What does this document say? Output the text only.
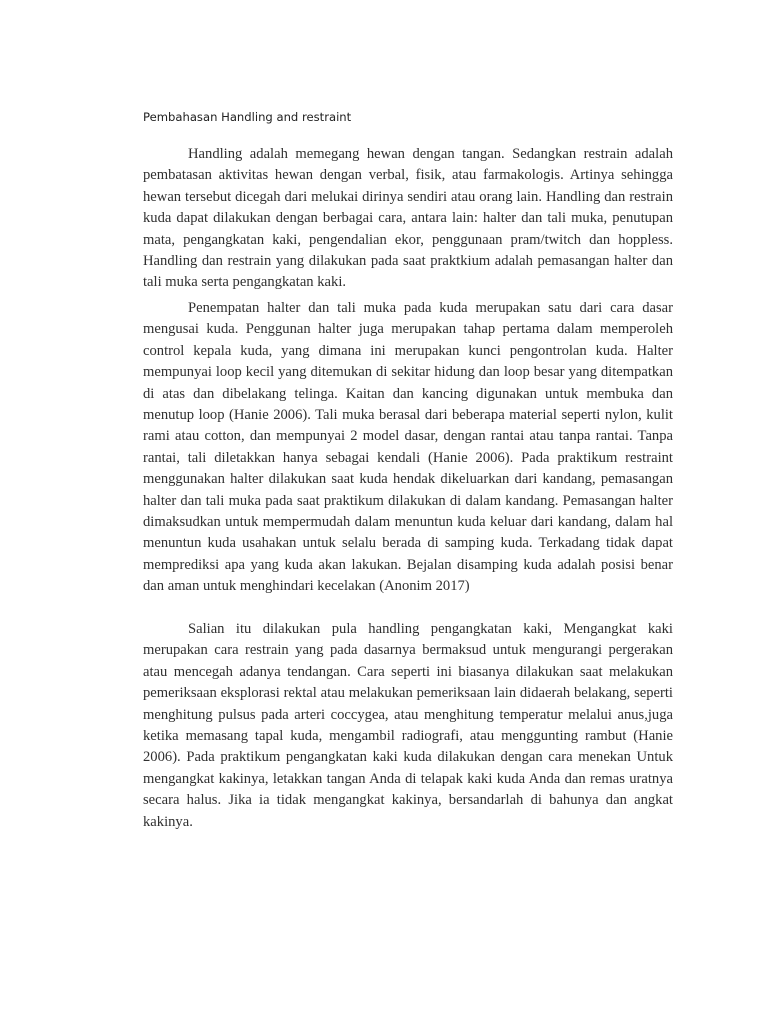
Pembahasan Handling and restraint

Handling adalah memegang hewan dengan tangan. Sedangkan restrain adalah pembatasan aktivitas hewan dengan verbal, fisik, atau farmakologis. Artinya sehingga hewan tersebut dicegah dari melukai dirinya sendiri atau orang lain. Handling dan restrain kuda dapat dilakukan dengan berbagai cara, antara lain: halter dan tali muka, penutupan mata, pengangkatan kaki, pengendalian ekor, penggunaan pram/twitch dan hoppless. Handling dan restrain yang dilakukan pada saat praktkium adalah pemasangan halter dan tali muka serta pengangkatan kaki.

Penempatan halter dan tali muka pada kuda merupakan satu dari cara dasar mengusai kuda. Penggunan halter juga merupakan tahap pertama dalam memperoleh control kepala kuda, yang dimana ini merupakan kunci pengontrolan kuda. Halter mempunyai loop kecil yang ditemukan di sekitar hidung dan loop besar yang ditempatkan di atas dan dibelakang telinga. Kaitan dan kancing digunakan untuk membuka dan menutup loop (Hanie 2006). Tali muka berasal dari beberapa material seperti nylon, kulit rami atau cotton, dan mempunyai 2 model dasar, dengan rantai atau tanpa rantai. Tanpa rantai, tali diletakkan hanya sebagai kendali (Hanie 2006). Pada praktikum restraint menggunakan halter dilakukan saat kuda hendak dikeluarkan dari kandang, pemasangan halter dan tali muka pada saat praktikum dilakukan di dalam kandang. Pemasangan halter dimaksudkan untuk mempermudah dalam menuntun kuda keluar dari kandang, dalam hal menuntun kuda usahakan untuk selalu berada di samping kuda. Terkadang tidak dapat memprediksi apa yang kuda akan lakukan. Bejalan disamping kuda adalah posisi benar dan aman untuk menghindari kecelakan (Anonim 2017)

Salian itu dilakukan pula handling pengangkatan kaki, Mengangkat kaki merupakan cara restrain yang pada dasarnya bermaksud untuk mengurangi pergerakan atau mencegah adanya tendangan. Cara seperti ini biasanya dilakukan saat melakukan pemeriksaan eksplorasi rektal atau melakukan pemeriksaan lain didaerah belakang, seperti menghitung pulsus pada arteri coccygea, atau menghitung temperatur melalui anus,juga ketika memasang tapal kuda, mengambil radiografi, atau menggunting rambut (Hanie 2006). Pada praktikum pengangkatan kaki kuda dilakukan dengan cara menekan Untuk mengangkat kakinya, letakkan tangan Anda di telapak kaki kuda Anda dan remas uratnya secara halus. Jika ia tidak mengangkat kakinya, bersandarlah di bahunya dan angkat kakinya.
